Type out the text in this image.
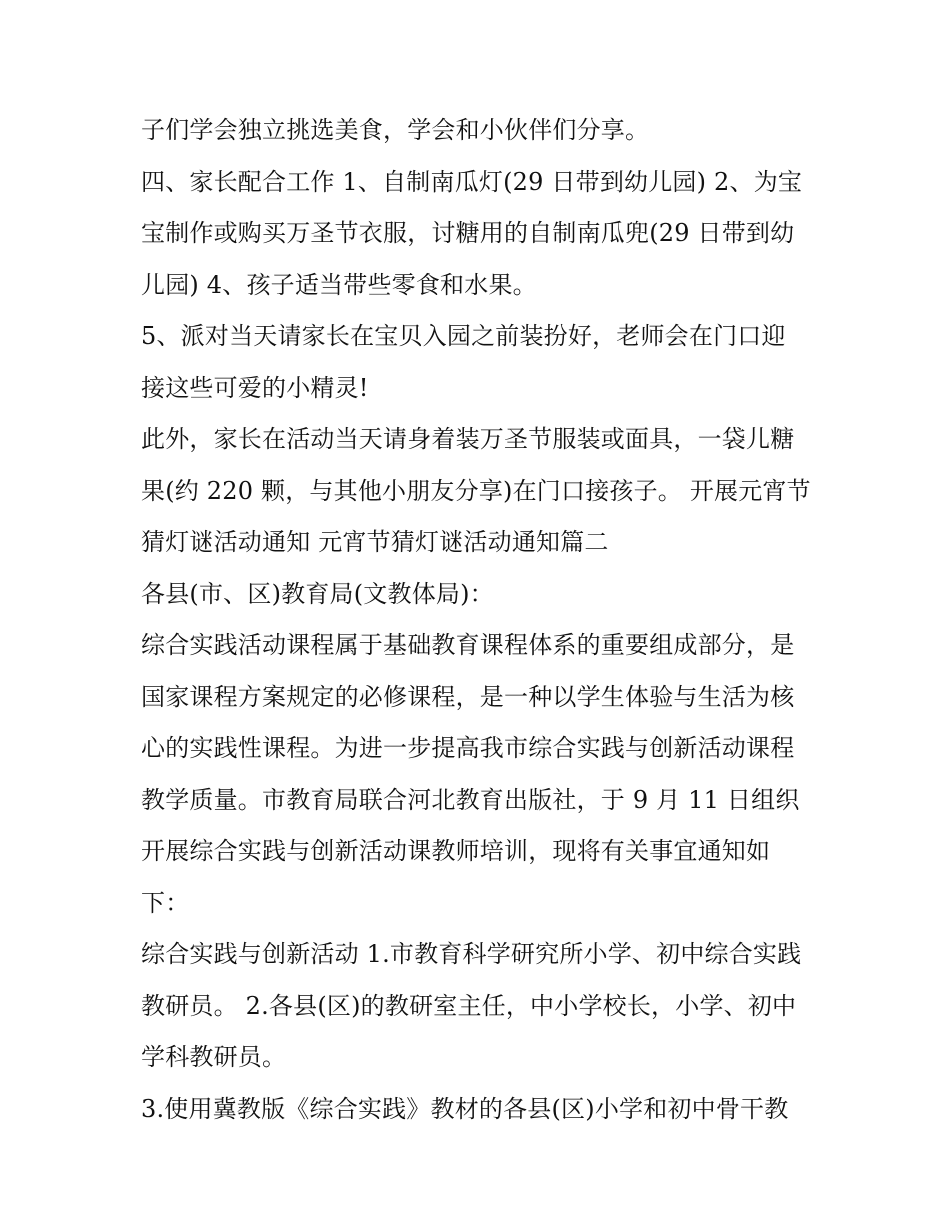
子们学会独立挑选美食，学会和小伙伴们分享。
四、家长配合工作 1、自制南瓜灯(29 日带到幼儿园) 2、为宝
宝制作或购买万圣节衣服，讨糖用的自制南瓜兜(29 日带到幼
儿园) 4、孩子适当带些零食和水果。
5、派对当天请家长在宝贝入园之前装扮好，老师会在门口迎
接这些可爱的小精灵!
此外，家长在活动当天请身着装万圣节服装或面具，一袋儿糖
果(约 220 颗，与其他小朋友分享)在门口接孩子。 开展元宵节
猜灯谜活动通知 元宵节猜灯谜活动通知篇二
各县(市、区)教育局(文教体局)：
综合实践活动课程属于基础教育课程体系的重要组成部分，是
国家课程方案规定的必修课程，是一种以学生体验与生活为核
心的实践性课程。为进一步提高我市综合实践与创新活动课程
教学质量。市教育局联合河北教育出版社，于 9 月 11 日组织
开展综合实践与创新活动课教师培训，现将有关事宜通知如
下：
综合实践与创新活动 1.市教育科学研究所小学、初中综合实践
教研员。 2.各县(区)的教研室主任，中小学校长，小学、初中
学科教研员。
3.使用冀教版《综合实践》教材的各县(区)小学和初中骨干教
